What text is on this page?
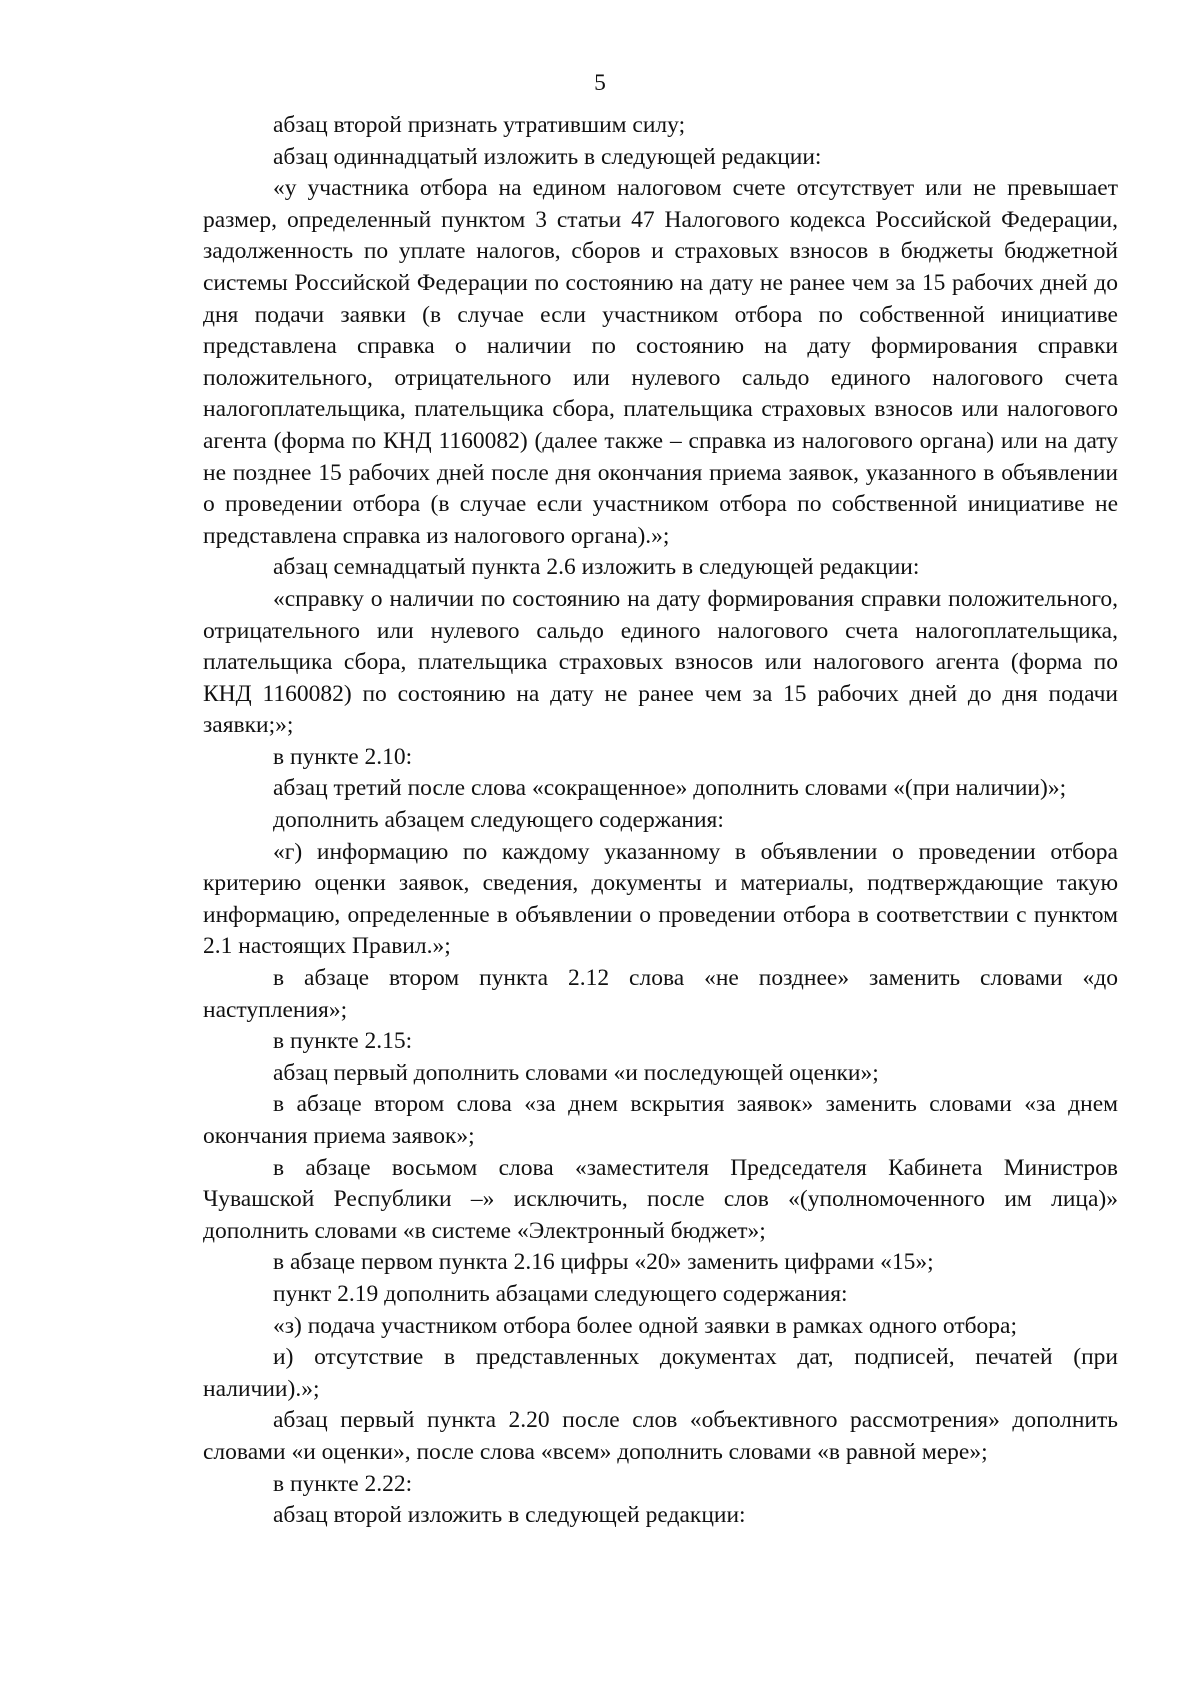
5

абзац второй признать утратившим силу;

абзац одиннадцатый изложить в следующей редакции:

«у участника отбора на едином налоговом счете отсутствует или не превышает размер, определенный пунктом 3 статьи 47 Налогового кодекса Российской Федерации, задолженность по уплате налогов, сборов и страховых взносов в бюджеты бюджетной системы Российской Федерации по состоянию на дату не ранее чем за 15 рабочих дней до дня подачи заявки (в случае если участником отбора по собственной инициативе представлена справка о наличии по состоянию на дату формирования справки положительного, отрицательного или нулевого сальдо единого налогового счета налогоплательщика, плательщика сбора, плательщика страховых взносов или налогового агента (форма по КНД 1160082) (далее также – справка из налогового органа) или на дату не позднее 15 рабочих дней после дня окончания приема заявок, указанного в объявлении о проведении отбора (в случае если участником отбора по собственной инициативе не представлена справка из налогового органа).»;

абзац семнадцатый пункта 2.6 изложить в следующей редакции:

«справку о наличии по состоянию на дату формирования справки положительного, отрицательного или нулевого сальдо единого налогового счета налогоплательщика, плательщика сбора, плательщика страховых взносов или налогового агента (форма по КНД 1160082) по состоянию на дату не ранее чем за 15 рабочих дней до дня подачи заявки;»;

в пункте 2.10:

абзац третий после слова «сокращенное» дополнить словами «(при наличии)»;

дополнить абзацем следующего содержания:

«г) информацию по каждому указанному в объявлении о проведении отбора критерию оценки заявок, сведения, документы и материалы, подтверждающие такую информацию, определенные в объявлении о проведении отбора в соответствии с пунктом 2.1 настоящих Правил.»;

в абзаце втором пункта 2.12 слова «не позднее» заменить словами «до наступления»;

в пункте 2.15:

абзац первый дополнить словами «и последующей оценки»;

в абзаце втором слова «за днем вскрытия заявок» заменить словами «за днем окончания приема заявок»;

в абзаце восьмом слова «заместителя Председателя Кабинета Министров Чувашской Республики –» исключить, после слов «(уполномоченного им лица)» дополнить словами «в системе «Электронный бюджет»;

в абзаце первом пункта 2.16 цифры «20» заменить цифрами «15»;

пункт 2.19 дополнить абзацами следующего содержания:

«з) подача участником отбора более одной заявки в рамках одного отбора;

и) отсутствие в представленных документах дат, подписей, печатей (при наличии).»;

абзац первый пункта 2.20 после слов «объективного рассмотрения» дополнить словами «и оценки», после слова «всем» дополнить словами «в равной мере»;

в пункте 2.22:

абзац второй изложить в следующей редакции:
